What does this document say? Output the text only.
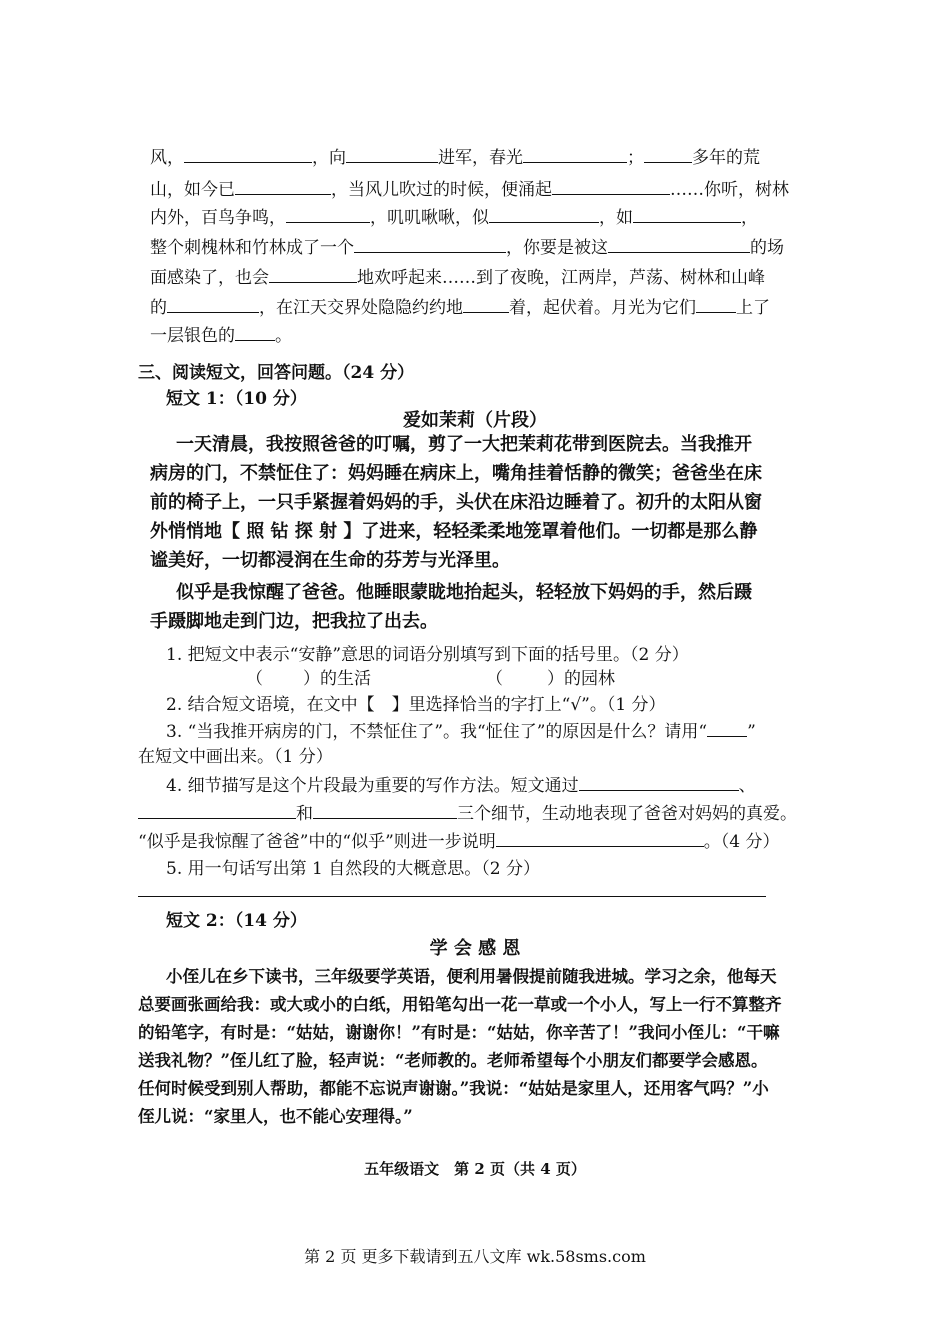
风，	，向	进军，春光	；	多年的荒
山，如今已	，当风儿吹过的时候，便涌起	……你听，树林
内外，百鸟争鸣，	，叽叽啾啾，似	，如	，
整个刺槐林和竹林成了一个	，你要是被这	的场
面感染了，也会	地欢呼起来……到了夜晚，江两岸，芦荡、树林和山峰
的	，在江天交界处隐隐约约地	着，起伏着。月光为它们 上了
一层银色的 。
三、阅读短文，回答问题。（24 分）
短文 1：（10 分）
爱如茉莉（片段）
一天清晨，我按照爸爸的叮嘱，剪了一大把茉莉花带到医院去。当我推开
病房的门，不禁怔住了：妈妈睡在病床上，嘴角挂着恬静的微笑；爸爸坐在床
前的椅子上，一只手紧握着妈妈的手，头伏在床沿边睡着了。初升的太阳从窗
外悄悄地【 照 钻 探 射 】了进来，轻轻柔柔地笼罩着他们。一切都是那么静
谧美好，一切都浸润在生命的芬芳与光泽里。
似乎是我惊醒了爸爸。他睡眼蒙眬地抬起头，轻轻放下妈妈的手，然后蹑
手蹑脚地走到门边，把我拉了出去。
1. 把短文中表示“安静”意思的词语分别填写到下面的括号里。（2 分）
（ ）的生活	（	）的园林
2. 结合短文语境，在文中【　】里选择恰当的字打上“√”。（1 分）
3. “当我推开病房的门，不禁怔住了”。我“怔住了”的原因是什么？请用“ ”
在短文中画出来。（1 分）
4. 细节描写是这个片段最为重要的写作方法。短文通过	、
和	三个细节，生动地表现了爸爸对妈妈的真爱。
“似乎是我惊醒了爸爸”中的“似乎”则进一步说明	。（4 分）
5. 用一句话写出第 1 自然段的大概意思。（2 分）
短文 2：（14 分）
学 会 感 恩
小侄儿在乡下读书，三年级要学英语，便利用暑假提前随我进城。学习之余，他每天
总要画张画给我：或大或小的白纸，用铅笔勾出一花一草或一个小人，写上一行不算整齐
的铅笔字，有时是：“姑姑，谢谢你！”有时是：“姑姑，你辛苦了！”我问小侄儿：“干嘛
送我礼物？”侄儿红了脸，轻声说：“老师教的。老师希望每个小朋友们都要学会感恩。
任何时候受到别人帮助，都能不忘说声谢谢。”我说：“姑姑是家里人，还用客气吗？”小
侄儿说：“家里人，也不能心安理得。”
五年级语文　第 2 页（共 4 页）
第 2 页 更多下载请到五八文库 wk.58sms.com
